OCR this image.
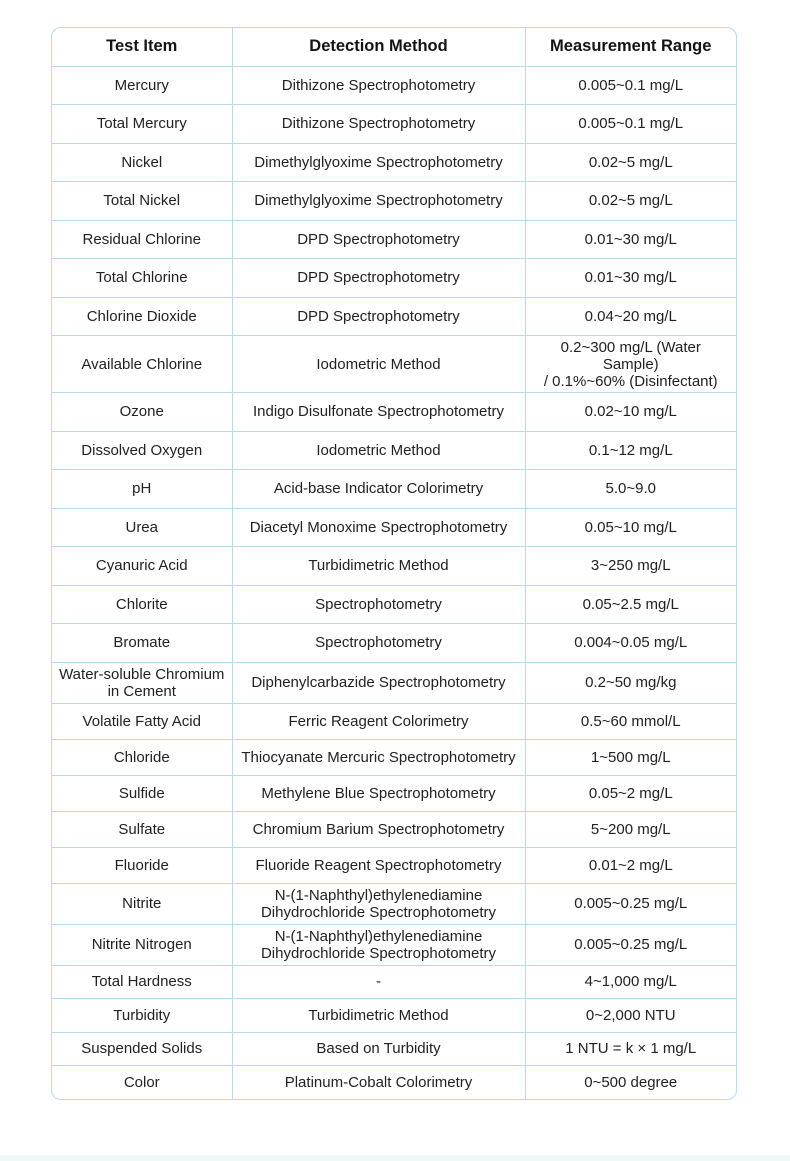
Test Item	Detection Method	Measurement Range
Mercury	Dithizone Spectrophotometry	0.005~0.1 mg/L
Total Mercury	Dithizone Spectrophotometry	0.005~0.1 mg/L
Nickel	Dimethylglyoxime Spectrophotometry	0.02~5 mg/L
Total Nickel	Dimethylglyoxime Spectrophotometry	0.02~5 mg/L
Residual Chlorine	DPD Spectrophotometry	0.01~30 mg/L
Total Chlorine	DPD Spectrophotometry	0.01~30 mg/L
Chlorine Dioxide	DPD Spectrophotometry	0.04~20 mg/L
Available Chlorine	Iodometric Method	0.2~300 mg/L (Water Sample)
/ 0.1%~60% (Disinfectant)
Ozone	Indigo Disulfonate Spectrophotometry	0.02~10 mg/L
Dissolved Oxygen	Iodometric Method	0.1~12 mg/L
pH	Acid-base Indicator Colorimetry	5.0~9.0
Urea	Diacetyl Monoxime Spectrophotometry	0.05~10 mg/L
Cyanuric Acid	Turbidimetric Method	3~250 mg/L
Chlorite	Spectrophotometry	0.05~2.5 mg/L
Bromate	Spectrophotometry	0.004~0.05 mg/L
Water-soluble Chromium
in Cement	Diphenylcarbazide Spectrophotometry	0.2~50 mg/kg
Volatile Fatty Acid	Ferric Reagent Colorimetry	0.5~60 mmol/L
Chloride	Thiocyanate Mercuric Spectrophotometry	1~500 mg/L
Sulfide	Methylene Blue Spectrophotometry	0.05~2 mg/L
Sulfate	Chromium Barium Spectrophotometry	5~200 mg/L
Fluoride	Fluoride Reagent Spectrophotometry	0.01~2 mg/L
Nitrite	N-(1-Naphthyl)ethylenediamine
Dihydrochloride Spectrophotometry	0.005~0.25 mg/L
Nitrite Nitrogen	N-(1-Naphthyl)ethylenediamine
Dihydrochloride Spectrophotometry	0.005~0.25 mg/L
Total Hardness	-	4~1,000 mg/L
Turbidity	Turbidimetric Method	0~2,000 NTU
Suspended Solids	Based on Turbidity	1 NTU = k × 1 mg/L
Color	Platinum-Cobalt Colorimetry	0~500 degree
